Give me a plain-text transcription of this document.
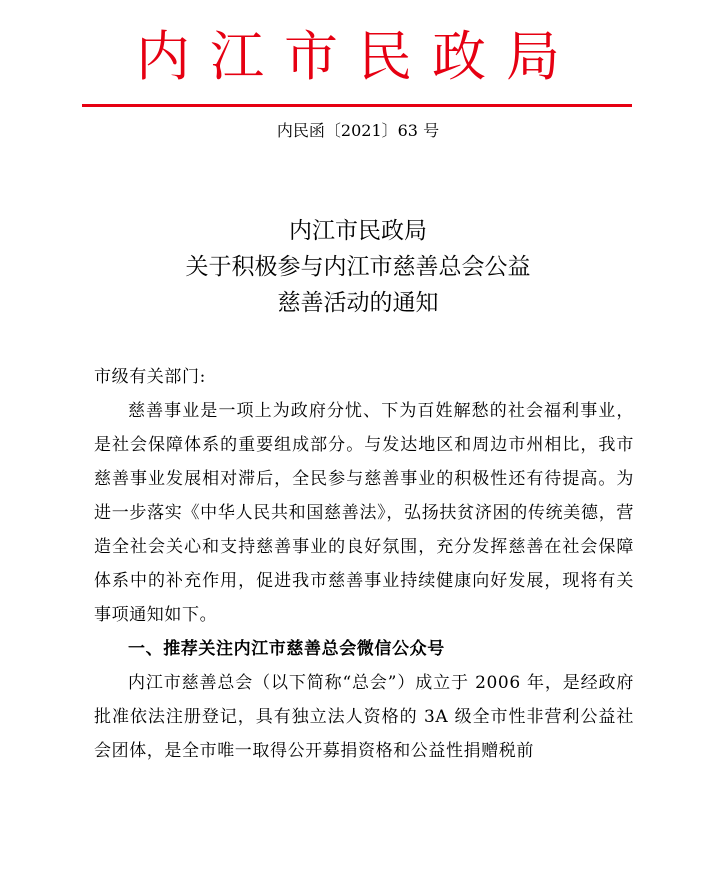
内江市民政局
内民函〔2021〕63 号
内江市民政局
关于积极参与内江市慈善总会公益
慈善活动的通知

市级有关部门:

慈善事业是一项上为政府分忧、下为百姓解愁的社会福利事业，是社会保障体系的重要组成部分。与发达地区和周边市州相比，我市慈善事业发展相对滞后，全民参与慈善事业的积极性还有待提高。为进一步落实《中华人民共和国慈善法》，弘扬扶贫济困的传统美德，营造全社会关心和支持慈善事业的良好氛围，充分发挥慈善在社会保障体系中的补充作用，促进我市慈善事业持续健康向好发展，现将有关事项通知如下。

一、推荐关注内江市慈善总会微信公众号

内江市慈善总会（以下简称“总会”）成立于 2006 年，是经政府批准依法注册登记，具有独立法人资格的 3A 级全市性非营利公益社会团体，是全市唯一取得公开募捐资格和公益性捐赠税前
